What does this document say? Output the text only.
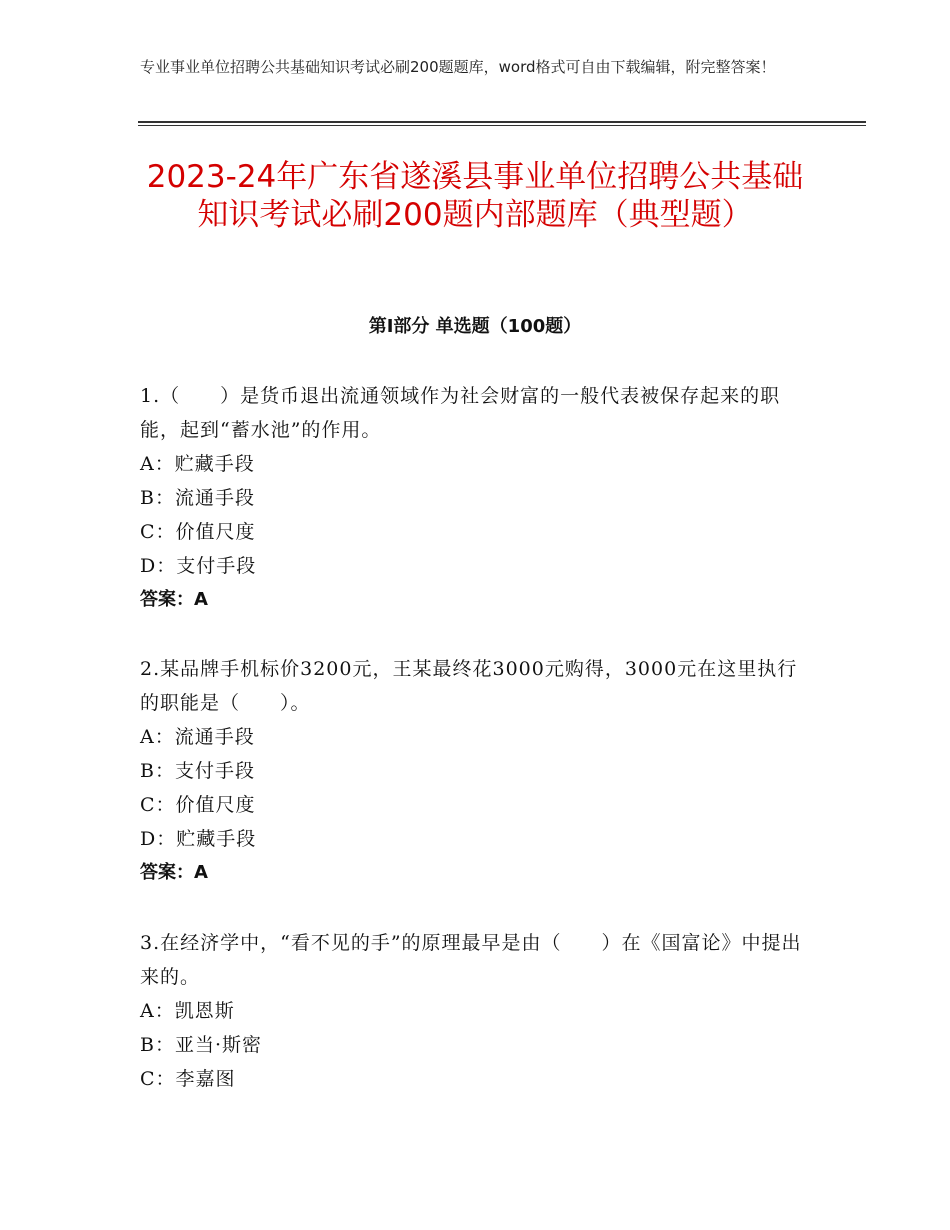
专业事业单位招聘公共基础知识考试必刷200题题库，word格式可自由下载编辑，附完整答案！
2023-24年广东省遂溪县事业单位招聘公共基础知识考试必刷200题内部题库（典型题）
第I部分 单选题（100题）
1.（　　）是货币退出流通领域作为社会财富的一般代表被保存起来的职能，起到“蓄水池”的作用。
A：贮藏手段
B：流通手段
C：价值尺度
D：支付手段
答案：A
2.某品牌手机标价3200元，王某最终花3000元购得，3000元在这里执行的职能是（　　）。
A：流通手段
B：支付手段
C：价值尺度
D：贮藏手段
答案：A
3.在经济学中，“看不见的手”的原理最早是由（　　）在《国富论》中提出来的。
A：凯恩斯
B：亚当·斯密
C：李嘉图
